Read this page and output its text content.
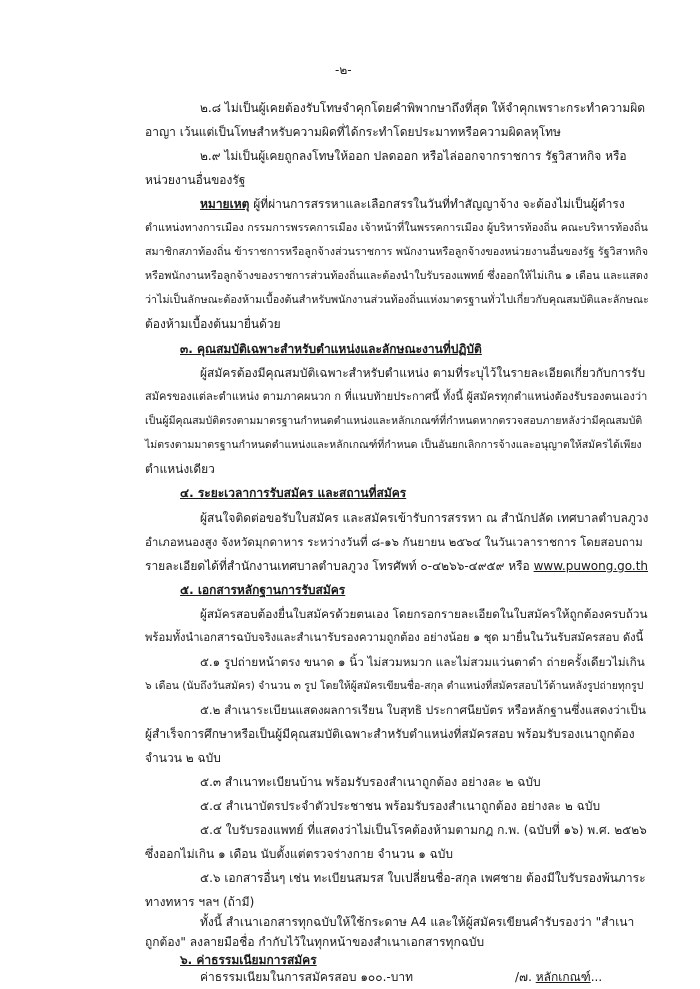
-๒-

๒.๘ ไม่เป็นผู้เคยต้องรับโทษจำคุกโดยคำพิพากษาถึงที่สุด ให้จำคุกเพราะกระทำความผิด

อาญา เว้นแต่เป็นโทษสำหรับความผิดที่ได้กระทำโดยประมาทหรือความผิดลหุโทษ

๒.๙ ไม่เป็นผู้เคยถูกลงโทษให้ออก ปลดออก หรือไล่ออกจากราชการ รัฐวิสาหกิจ หรือ

หน่วยงานอื่นของรัฐ

หมายเหตุ ผู้ที่ผ่านการสรรหาและเลือกสรรในวันที่ทำสัญญาจ้าง จะต้องไม่เป็นผู้ดำรง

ตำแหน่งทางการเมือง กรรมการพรรคการเมือง เจ้าหน้าที่ในพรรคการเมือง ผู้บริหารท้องถิ่น คณะบริหารท้องถิ่น

สมาชิกสภาท้องถิ่น ข้าราชการหรือลูกจ้างส่วนราชการ พนักงานหรือลูกจ้างของหน่วยงานอื่นของรัฐ รัฐวิสาหกิจ

หรือพนักงานหรือลูกจ้างของราชการส่วนท้องถิ่นและต้องนำใบรับรองแพทย์ ซึ่งออกให้ไม่เกิน ๑ เดือน และแสดง

ว่าไม่เป็นลักษณะต้องห้ามเบื้องต้นสำหรับพนักงานส่วนท้องถิ่นแห่งมาตรฐานทั่วไปเกี่ยวกับคุณสมบัติและลักษณะ

ต้องห้ามเบื้องต้นมายื่นด้วย

๓. คุณสมบัติเฉพาะสำหรับตำแหน่งและลักษณะงานที่ปฏิบัติ

ผู้สมัครต้องมีคุณสมบัติเฉพาะสำหรับตำแหน่ง ตามที่ระบุไว้ในรายละเอียดเกี่ยวกับการรับ

สมัครของแต่ละตำแหน่ง ตามภาคผนวก ก ที่แนบท้ายประกาศนี้ ทั้งนี้ ผู้สมัครทุกตำแหน่งต้องรับรองตนเองว่า

เป็นผู้มีคุณสมบัติตรงตามมาตรฐานกำหนดตำแหน่งและหลักเกณฑ์ที่กำหนดหากตรวจสอบภายหลังว่ามีคุณสมบัติ

ไม่ตรงตามมาตรฐานกำหนดตำแหน่งและหลักเกณฑ์ที่กำหนด เป็นอันยกเลิกการจ้างและอนุญาตให้สมัครได้เพียง

ตำแหน่งเดียว

๔. ระยะเวลาการรับสมัคร และสถานที่สมัคร

ผู้สนใจติดต่อขอรับใบสมัคร และสมัครเข้ารับการสรรหา ณ สำนักปลัด เทศบาลตำบลภูวง

อำเภอหนองสูง จังหวัดมุกดาหาร ระหว่างวันที่ ๘-๑๖ กันยายน ๒๕๖๔ ในวันเวลาราชการ โดยสอบถาม

รายละเอียดได้ที่สำนักงานเทศบาลตำบลภูวง โทรศัพท์ ๐-๔๒๖๖-๔๙๕๙ หรือ www.puwong.go.th

๕. เอกสารหลักฐานการรับสมัคร

ผู้สมัครสอบต้องยื่นใบสมัครด้วยตนเอง โดยกรอกรายละเอียดในใบสมัครให้ถูกต้องครบถ้วน

พร้อมทั้งนำเอกสารฉบับจริงและสำเนารับรองความถูกต้อง อย่างน้อย ๑ ชุด มายื่นในวันรับสมัครสอบ ดังนี้

๕.๑ รูปถ่ายหน้าตรง ขนาด ๑ นิ้ว ไม่สวมหมวก และไม่สวมแว่นตาดำ ถ่ายครั้งเดียวไม่เกิน

๖ เดือน (นับถึงวันสมัคร) จำนวน ๓ รูป โดยให้ผู้สมัครเขียนชื่อ-สกุล ตำแหน่งที่สมัครสอบไว้ด้านหลังรูปถ่ายทุกรูป

๕.๒ สำเนาระเบียนแสดงผลการเรียน ใบสุทธิ ประกาศนียบัตร หรือหลักฐานซึ่งแสดงว่าเป็น

ผู้สำเร็จการศึกษาหรือเป็นผู้มีคุณสมบัติเฉพาะสำหรับตำแหน่งที่สมัครสอบ พร้อมรับรองเนาถูกต้อง

จำนวน ๒ ฉบับ

๕.๓ สำเนาทะเบียนบ้าน พร้อมรับรองสำเนาถูกต้อง อย่างละ ๒ ฉบับ

๕.๔ สำเนาบัตรประจำตัวประชาชน พร้อมรับรองสำเนาถูกต้อง อย่างละ ๒ ฉบับ

๕.๕ ใบรับรองแพทย์ ที่แสดงว่าไม่เป็นโรคต้องห้ามตามกฎ ก.พ. (ฉบับที่ ๑๖) พ.ศ. ๒๕๒๖

ซึ่งออกไม่เกิน ๑ เดือน นับตั้งแต่ตรวจร่างกาย จำนวน ๑ ฉบับ

๕.๖ เอกสารอื่นๆ เช่น ทะเบียนสมรส ใบเปลี่ยนชื่อ-สกุล เพศชาย ต้องมีใบรับรองพ้นภาระ

ทางทหาร ฯลฯ (ถ้ามี)

ทั้งนี้ สำเนาเอกสารทุกฉบับให้ใช้กระดาษ A4 และให้ผู้สมัครเขียนคำรับรองว่า "สำเนา

ถูกต้อง" ลงลายมือชื่อ กำกับไว้ในทุกหน้าของสำเนาเอกสารทุกฉบับ

๖. ค่าธรรมเนียมการสมัคร

ค่าธรรมเนียมในการสมัครสอบ ๑๐๐.-บาท	/๗. หลักเกณฑ์...
